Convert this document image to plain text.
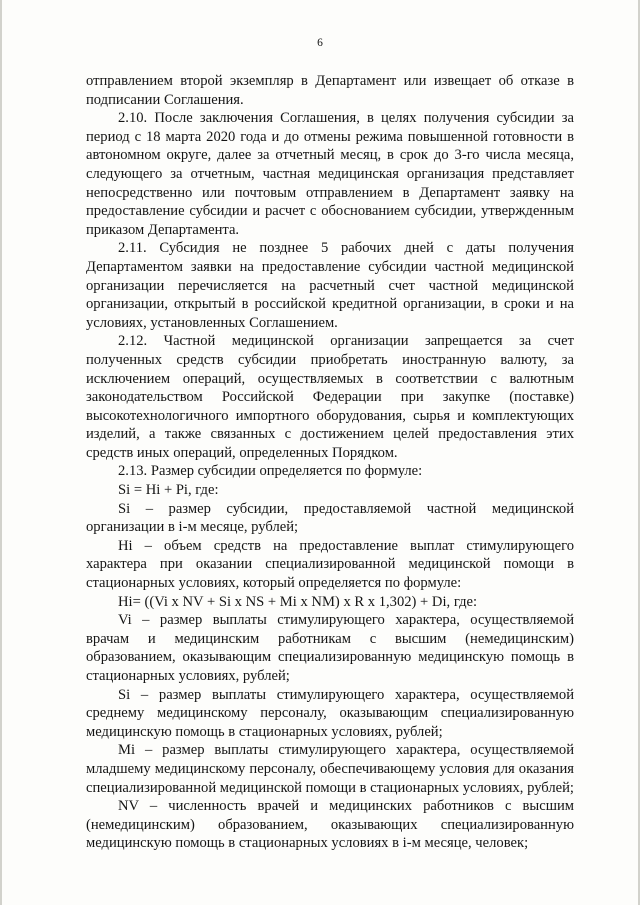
6

отправлением второй экземпляр в Департамент или извещает об отказе в подписании Соглашения.

2.10. После заключения Соглашения, в целях получения субсидии за период с 18 марта 2020 года и до отмены режима повышенной готовности в автономном округе, далее за отчетный месяц, в срок до 3-го числа месяца, следующего за отчетным, частная медицинская организация представляет непосредственно или почтовым отправлением в Департамент заявку на предоставление субсидии и расчет с обоснованием субсидии, утвержденным приказом Департамента.

2.11. Субсидия не позднее 5 рабочих дней с даты получения Департаментом заявки на предоставление субсидии частной медицинской организации перечисляется на расчетный счет частной медицинской организации, открытый в российской кредитной организации, в сроки и на условиях, установленных Соглашением.

2.12. Частной медицинской организации запрещается за счет полученных средств субсидии приобретать иностранную валюту, за исключением операций, осуществляемых в соответствии с валютным законодательством Российской Федерации при закупке (поставке) высокотехнологичного импортного оборудования, сырья и комплектующих изделий, а также связанных с достижением целей предоставления этих средств иных операций, определенных Порядком.

2.13. Размер субсидии определяется по формуле:

Si = Hi + Pi, где:

Si – размер субсидии, предоставляемой частной медицинской организации в i-м месяце, рублей;

Hi – объем средств на предоставление выплат стимулирующего характера при оказании специализированной медицинской помощи в стационарных условиях, который определяется по формуле:

Hi= ((Vi x NV + Si x NS + Mi x NM) x R x 1,302) + Di, где:

Vi – размер выплаты стимулирующего характера, осуществляемой врачам и медицинским работникам с высшим (немедицинским) образованием, оказывающим специализированную медицинскую помощь в стационарных условиях, рублей;

Si – размер выплаты стимулирующего характера, осуществляемой среднему медицинскому персоналу, оказывающим специализированную медицинскую помощь в стационарных условиях, рублей;

Mi – размер выплаты стимулирующего характера, осуществляемой младшему медицинскому персоналу, обеспечивающему условия для оказания специализированной медицинской помощи в стационарных условиях, рублей;

NV – численность врачей и медицинских работников с высшим (немедицинским) образованием, оказывающих специализированную медицинскую помощь в стационарных условиях в i-м месяце, человек;
